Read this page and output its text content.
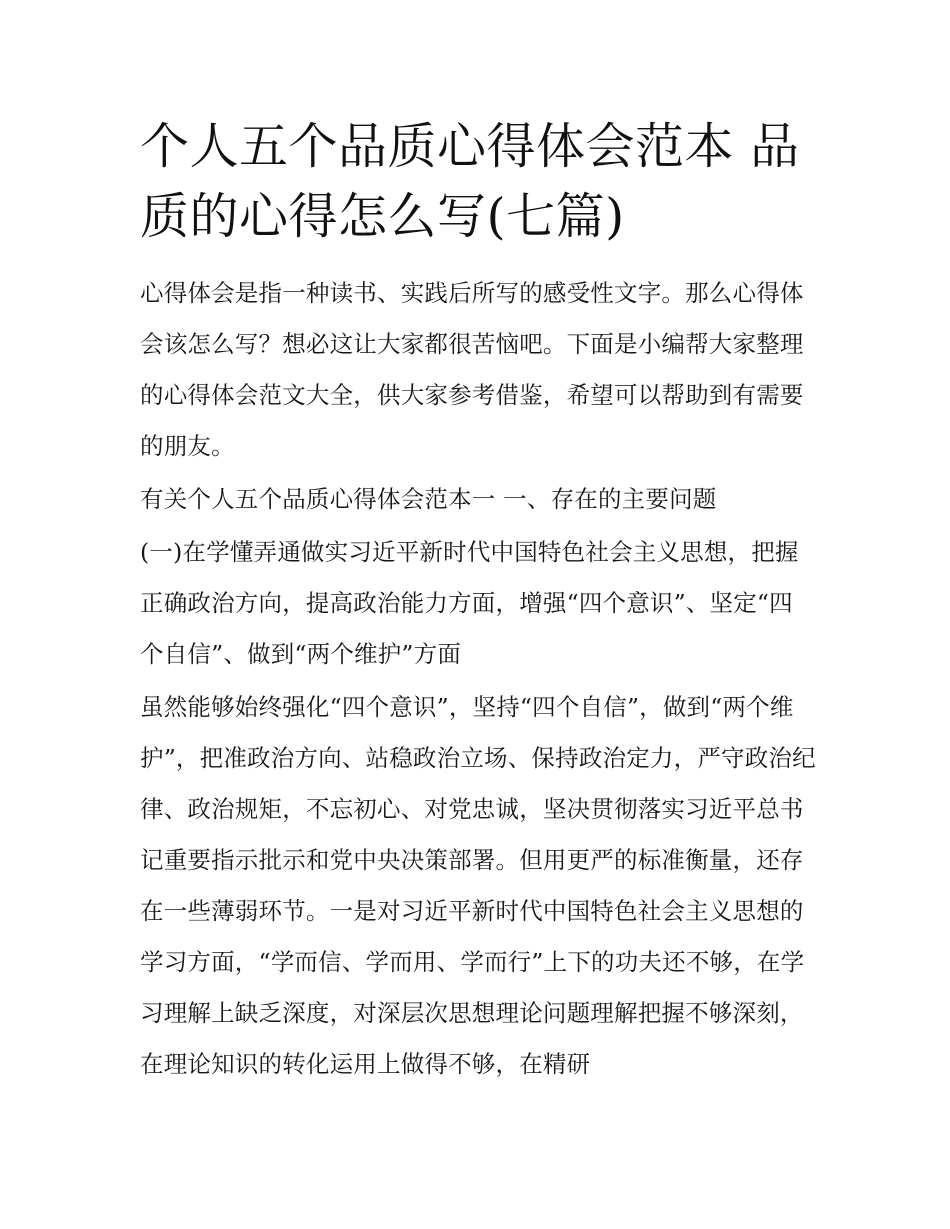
个人五个品质心得体会范本 品质的心得怎么写(七篇)

心得体会是指一种读书、实践后所写的感受性文字。那么心得体会该怎么写？想必这让大家都很苦恼吧。下面是小编帮大家整理的心得体会范文大全，供大家参考借鉴，希望可以帮助到有需要的朋友。

有关个人五个品质心得体会范本一 一、存在的主要问题

(一)在学懂弄通做实习近平新时代中国特色社会主义思想，把握正确政治方向，提高政治能力方面，增强“四个意识”、坚定“四个自信”、做到“两个维护”方面

虽然能够始终强化“四个意识”，坚持“四个自信”，做到“两个维护”，把准政治方向、站稳政治立场、保持政治定力，严守政治纪律、政治规矩，不忘初心、对党忠诚，坚决贯彻落实习近平总书记重要指示批示和党中央决策部署。但用更严的标准衡量，还存在一些薄弱环节。一是对习近平新时代中国特色社会主义思想的学习方面，“学而信、学而用、学而行”上下的功夫还不够，在学习理解上缺乏深度，对深层次思想理论问题理解把握不够深刻，在理论知识的转化运用上做得不够，在精研
